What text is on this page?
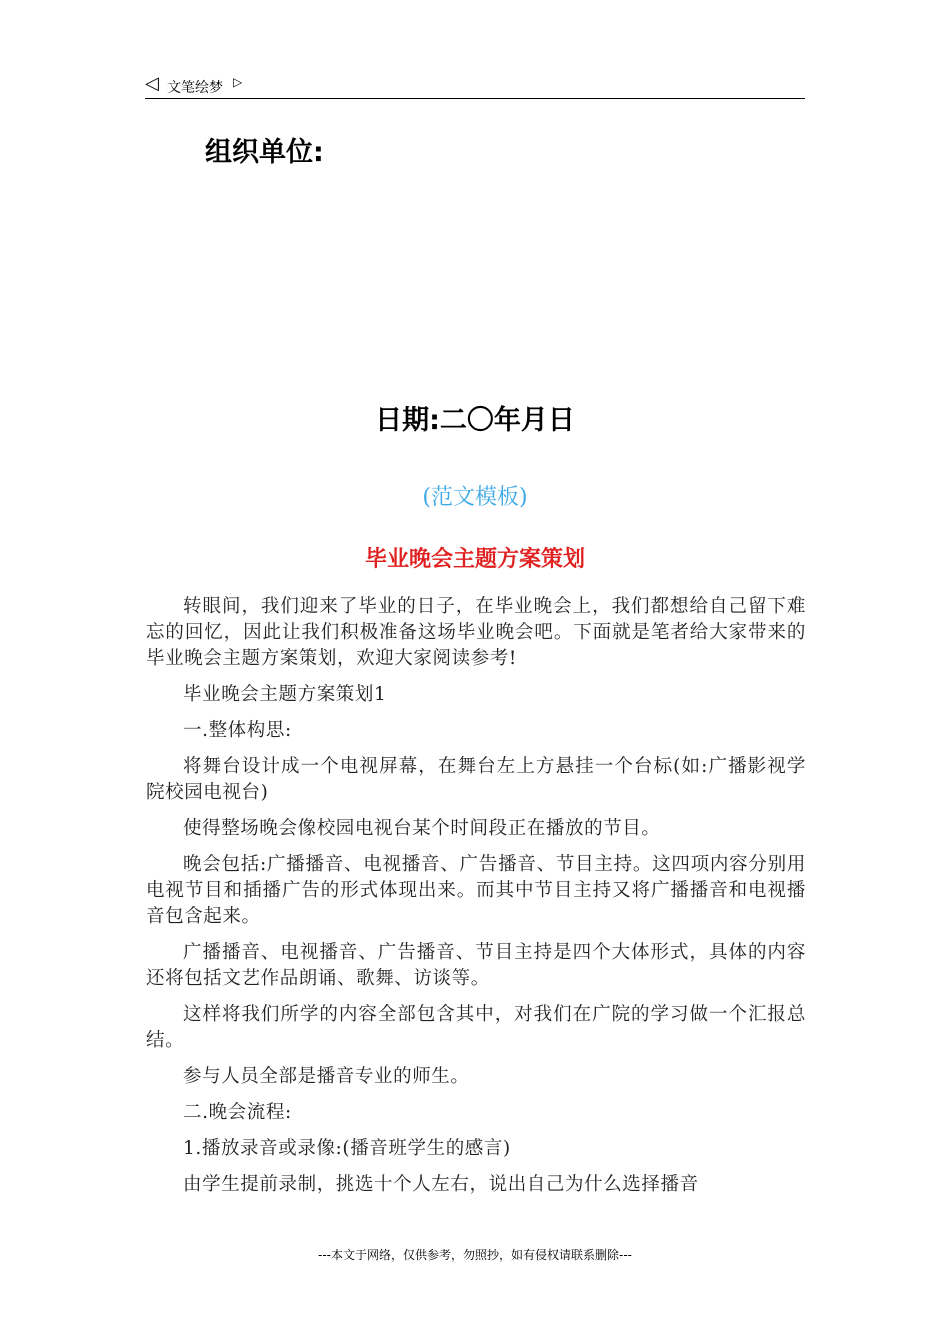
◁ 文笔绘梦 ▷
组织单位:
日期:二〇年月日
(范文模板)
毕业晚会主题方案策划

转眼间，我们迎来了毕业的日子，在毕业晚会上，我们都想给自己留下难忘的回忆，因此让我们积极准备这场毕业晚会吧。下面就是笔者给大家带来的毕业晚会主题方案策划，欢迎大家阅读参考!

毕业晚会主题方案策划1

一.整体构思:

将舞台设计成一个电视屏幕，在舞台左上方悬挂一个台标(如:广播影视学院校园电视台)

使得整场晚会像校园电视台某个时间段正在播放的节目。

晚会包括:广播播音、电视播音、广告播音、节目主持。这四项内容分别用电视节目和插播广告的形式体现出来。而其中节目主持又将广播播音和电视播音包含起来。

广播播音、电视播音、广告播音、节目主持是四个大体形式，具体的内容还将包括文艺作品朗诵、歌舞、访谈等。

这样将我们所学的内容全部包含其中，对我们在广院的学习做一个汇报总结。

参与人员全部是播音专业的师生。

二.晚会流程:

1.播放录音或录像:(播音班学生的感言)

由学生提前录制，挑选十个人左右，说出自己为什么选择播音

---本文于网络，仅供参考，勿照抄，如有侵权请联系删除---
